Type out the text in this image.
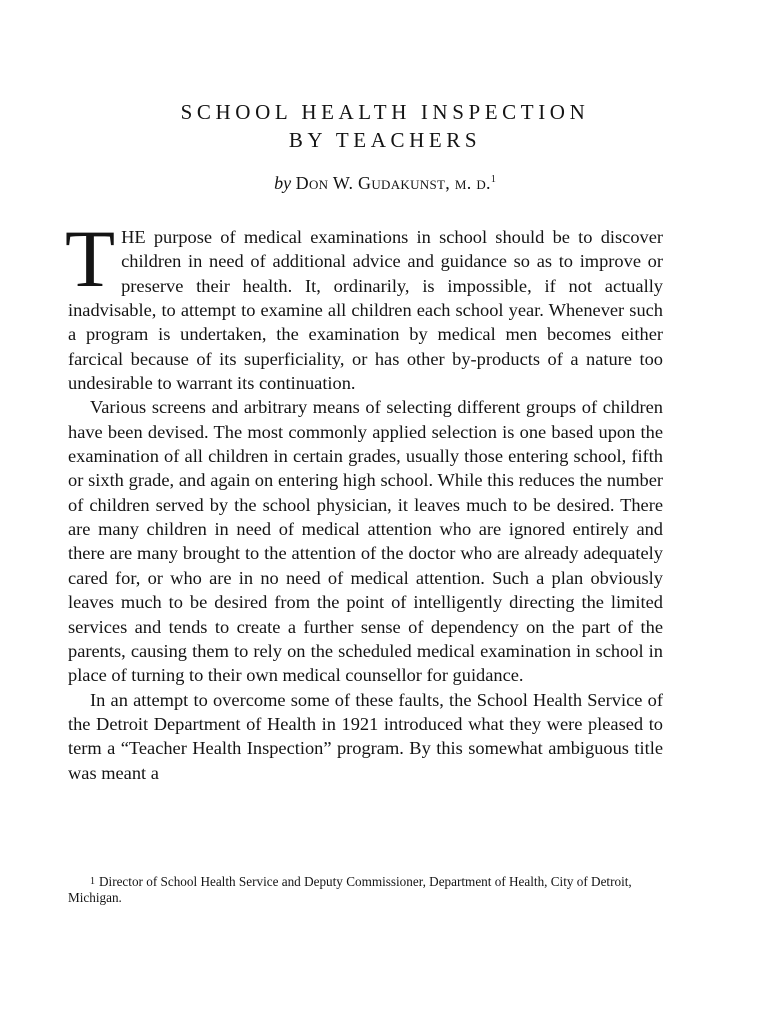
SCHOOL HEALTH INSPECTION
BY TEACHERS
by Don W. Gudakunst, m. d.$^1$

THE purpose of medical examinations in school should be to discover children in need of additional advice and guidance so as to improve or preserve their health. It, ordinarily, is impossible, if not actually inadvisable, to attempt to examine all children each school year. Whenever such a program is undertaken, the examination by medical men becomes either farcical because of its superficiality, or has other by-products of a nature too undesirable to warrant its continuation.

Various screens and arbitrary means of selecting different groups of children have been devised. The most commonly applied selection is one based upon the examination of all children in certain grades, usually those entering school, fifth or sixth grade, and again on entering high school. While this reduces the number of children served by the school physician, it leaves much to be desired. There are many children in need of medical attention who are ignored entirely and there are many brought to the attention of the doctor who are already adequately cared for, or who are in no need of medical attention. Such a plan obviously leaves much to be desired from the point of intelligently directing the limited services and tends to create a further sense of dependency on the part of the parents, causing them to rely on the scheduled medical examination in school in place of turning to their own medical counsellor for guidance.

In an attempt to overcome some of these faults, the School Health Service of the Detroit Department of Health in 1921 introduced what they were pleased to term a “Teacher Health Inspection” program. By this somewhat ambiguous title was meant a

1 Director of School Health Service and Deputy Commissioner, Department of Health, City of Detroit, Michigan.
